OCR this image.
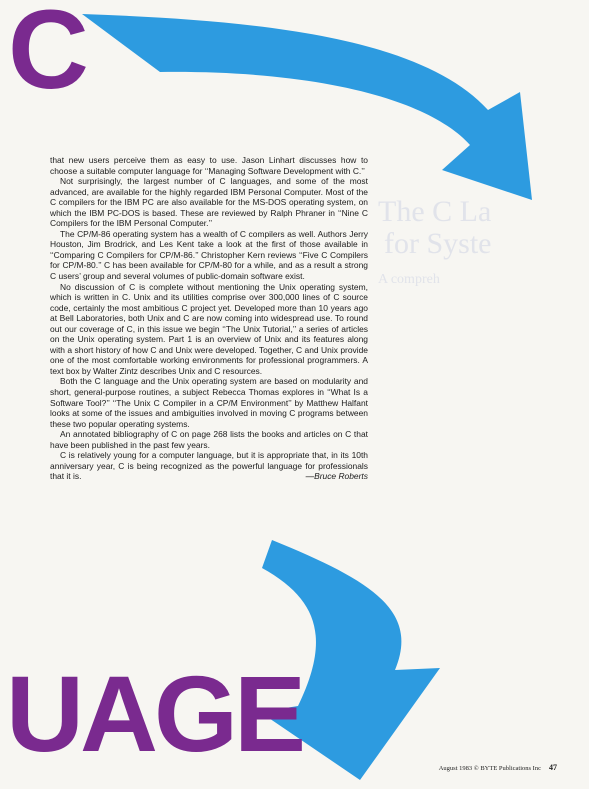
C
The C La
for Syste
A compreh

that new users perceive them as easy to use. Jason Linhart discusses how to choose a suitable computer language for ‘‘Managing Software Development with C.’’

Not surprisingly, the largest number of C languages, and some of the most advanced, are available for the highly regarded IBM Personal Computer. Most of the C compilers for the IBM PC are also available for the MS-DOS operating system, on which the IBM PC-DOS is based. These are reviewed by Ralph Phraner in ‘‘Nine C Compilers for the IBM Personal Computer.’’

The CP/M-86 operating system has a wealth of C compilers as well. Authors Jerry Houston, Jim Brodrick, and Les Kent take a look at the first of those available in ‘‘Comparing C Compilers for CP/M-86.’’ Christopher Kern reviews ‘‘Five C Compilers for CP/M-80.’’ C has been available for CP/M-80 for a while, and as a result a strong C users’ group and several volumes of public-domain software exist.

No discussion of C is complete without mentioning the Unix operating system, which is written in C. Unix and its utilities comprise over 300,000 lines of C source code, certainly the most ambitious C project yet. Developed more than 10 years ago at Bell Laboratories, both Unix and C are now coming into widespread use. To round out our coverage of C, in this issue we begin ‘‘The Unix Tutorial,’’ a series of articles on the Unix operating system. Part 1 is an overview of Unix and its features along with a short history of how C and Unix were developed. Together, C and Unix provide one of the most comfortable working environments for professional programmers. A text box by Walter Zintz describes Unix and C resources.

Both the C language and the Unix operating system are based on modularity and short, general-purpose routines, a subject Rebecca Thomas explores in ‘‘What Is a Software Tool?’’ ‘‘The Unix C Compiler in a CP/M Environment’’ by Matthew Halfant looks at some of the issues and ambiguities involved in moving C programs between these two popular operating systems.

An annotated bibliography of C on page 268 lists the books and articles on C that have been published in the past few years.

C is relatively young for a computer language, but it is appropriate that, in its 10th anniversary year, C is being recognized as the powerful language for professionals that it is.	—Bruce Roberts

UAGE	August 1983 © BYTE Publications Inc 47
